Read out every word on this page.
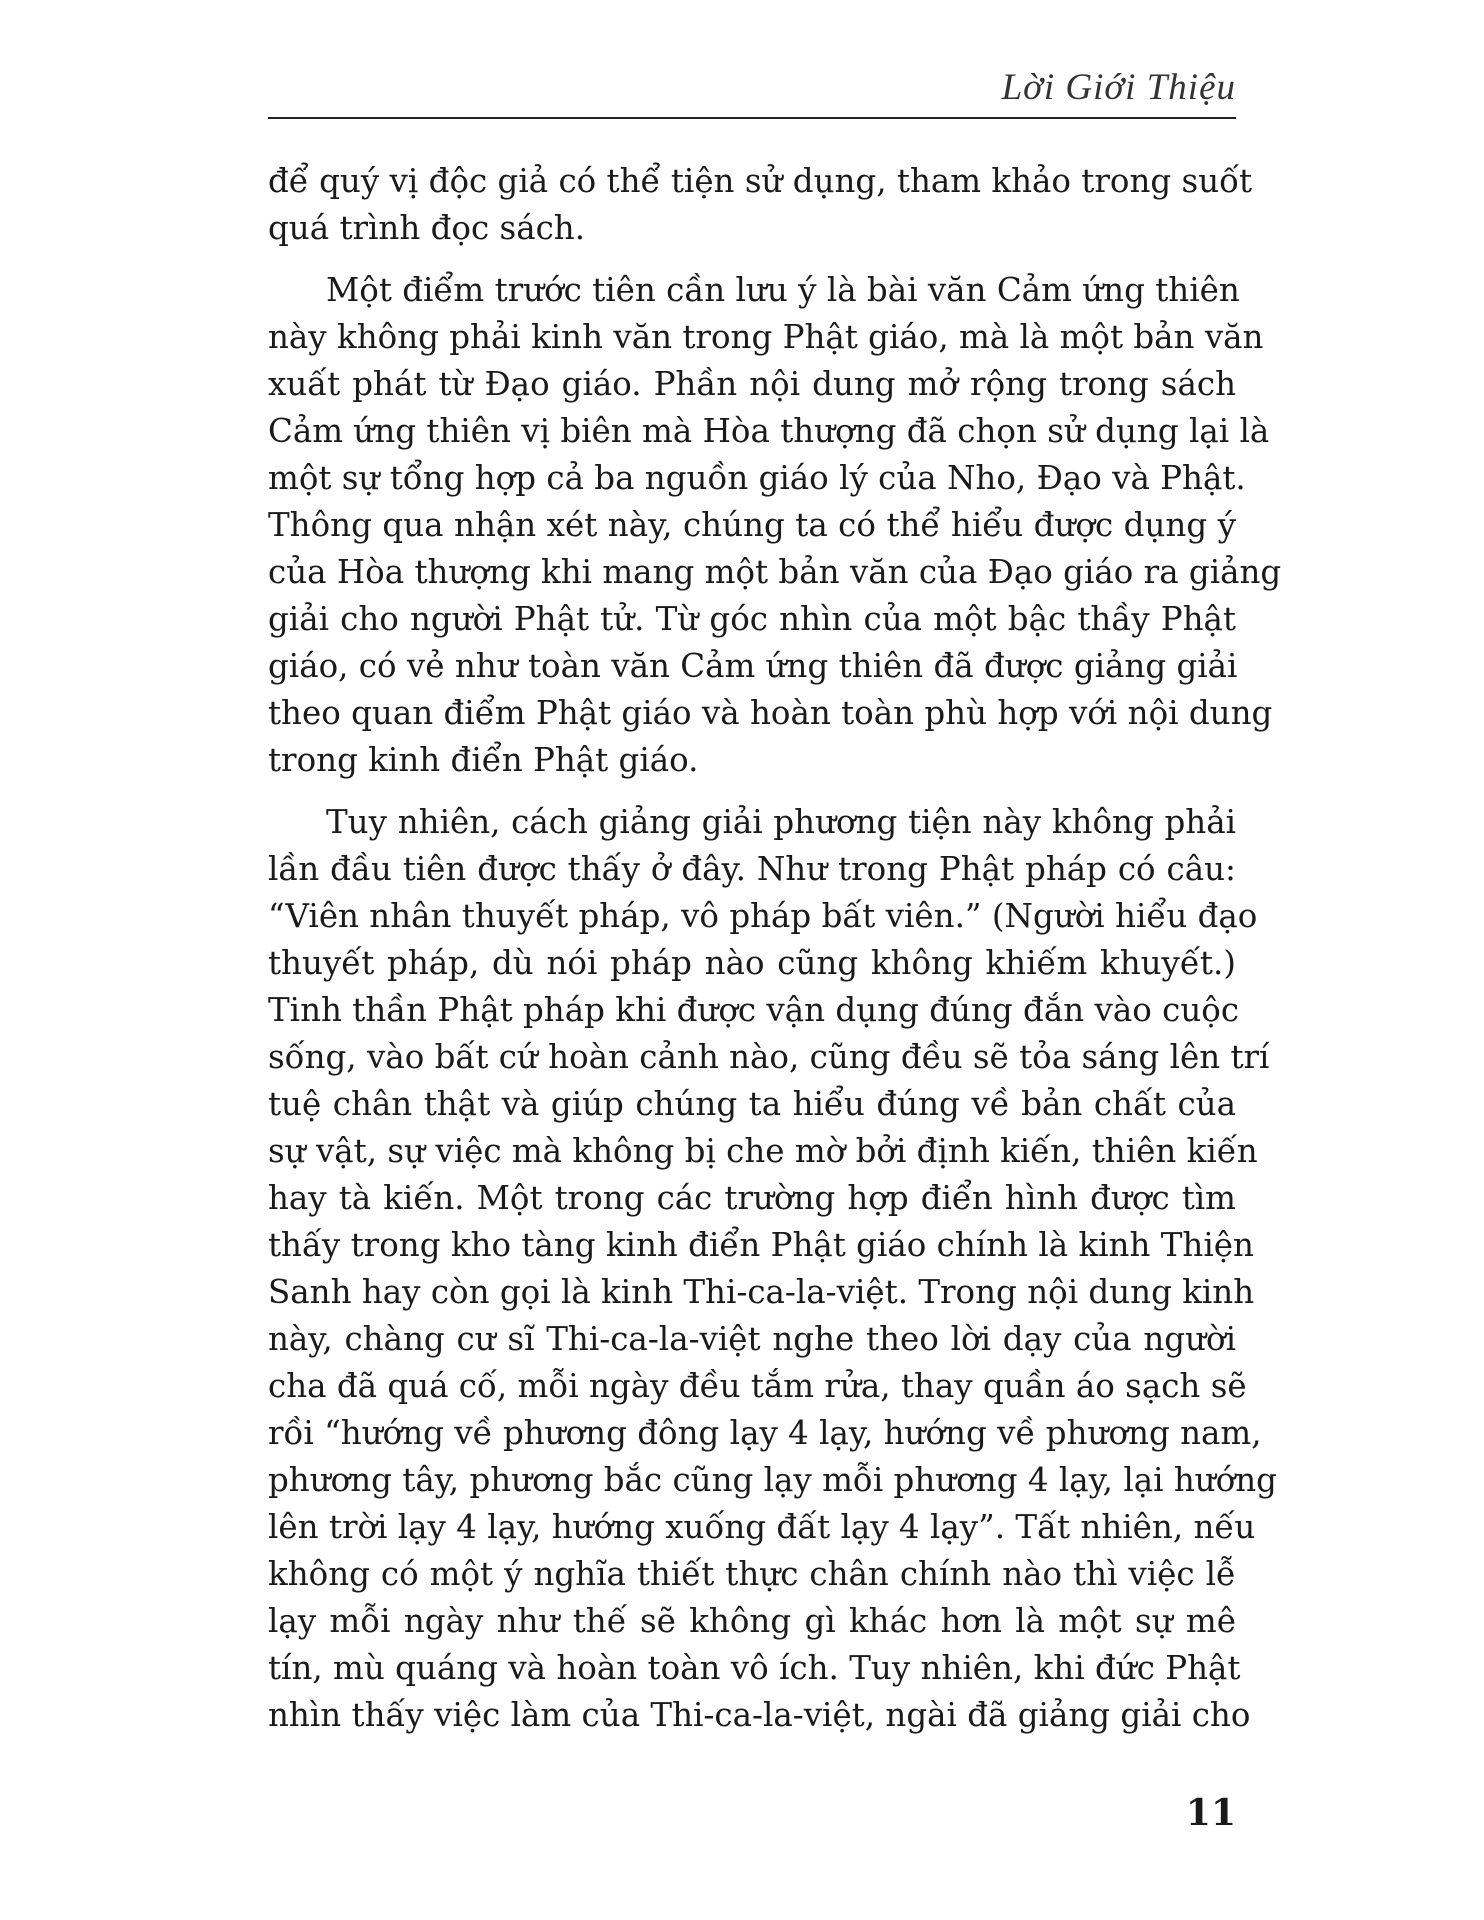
Lời Giới Thiệu

để quý vị độc giả có thể tiện sử dụng, tham khảo trong suốt
quá trình đọc sách.

Một điểm trước tiên cần lưu ý là bài văn Cảm ứng thiên
này không phải kinh văn trong Phật giáo, mà là một bản văn
xuất phát từ Đạo giáo. Phần nội dung mở rộng trong sách
Cảm ứng thiên vị biên mà Hòa thượng đã chọn sử dụng lại là
một sự tổng hợp cả ba nguồn giáo lý của Nho, Đạo và Phật.
Thông qua nhận xét này, chúng ta có thể hiểu được dụng ý
của Hòa thượng khi mang một bản văn của Đạo giáo ra giảng
giải cho người Phật tử. Từ góc nhìn của một bậc thầy Phật
giáo, có vẻ như toàn văn Cảm ứng thiên đã được giảng giải
theo quan điểm Phật giáo và hoàn toàn phù hợp với nội dung
trong kinh điển Phật giáo.

Tuy nhiên, cách giảng giải phương tiện này không phải
lần đầu tiên được thấy ở đây. Như trong Phật pháp có câu:
“Viên nhân thuyết pháp, vô pháp bất viên.” (Người hiểu đạo
thuyết pháp, dù nói pháp nào cũng không khiếm khuyết.)
Tinh thần Phật pháp khi được vận dụng đúng đắn vào cuộc
sống, vào bất cứ hoàn cảnh nào, cũng đều sẽ tỏa sáng lên trí
tuệ chân thật và giúp chúng ta hiểu đúng về bản chất của
sự vật, sự việc mà không bị che mờ bởi định kiến, thiên kiến
hay tà kiến. Một trong các trường hợp điển hình được tìm
thấy trong kho tàng kinh điển Phật giáo chính là kinh Thiện
Sanh hay còn gọi là kinh Thi-ca-la-việt. Trong nội dung kinh
này, chàng cư sĩ Thi-ca-la-việt nghe theo lời dạy của người
cha đã quá cố, mỗi ngày đều tắm rửa, thay quần áo sạch sẽ
rồi “hướng về phương đông lạy 4 lạy, hướng về phương nam,
phương tây, phương bắc cũng lạy mỗi phương 4 lạy, lại hướng
lên trời lạy 4 lạy, hướng xuống đất lạy 4 lạy”. Tất nhiên, nếu
không có một ý nghĩa thiết thực chân chính nào thì việc lễ
lạy mỗi ngày như thế sẽ không gì khác hơn là một sự mê
tín, mù quáng và hoàn toàn vô ích. Tuy nhiên, khi đức Phật
nhìn thấy việc làm của Thi-ca-la-việt, ngài đã giảng giải cho

11
